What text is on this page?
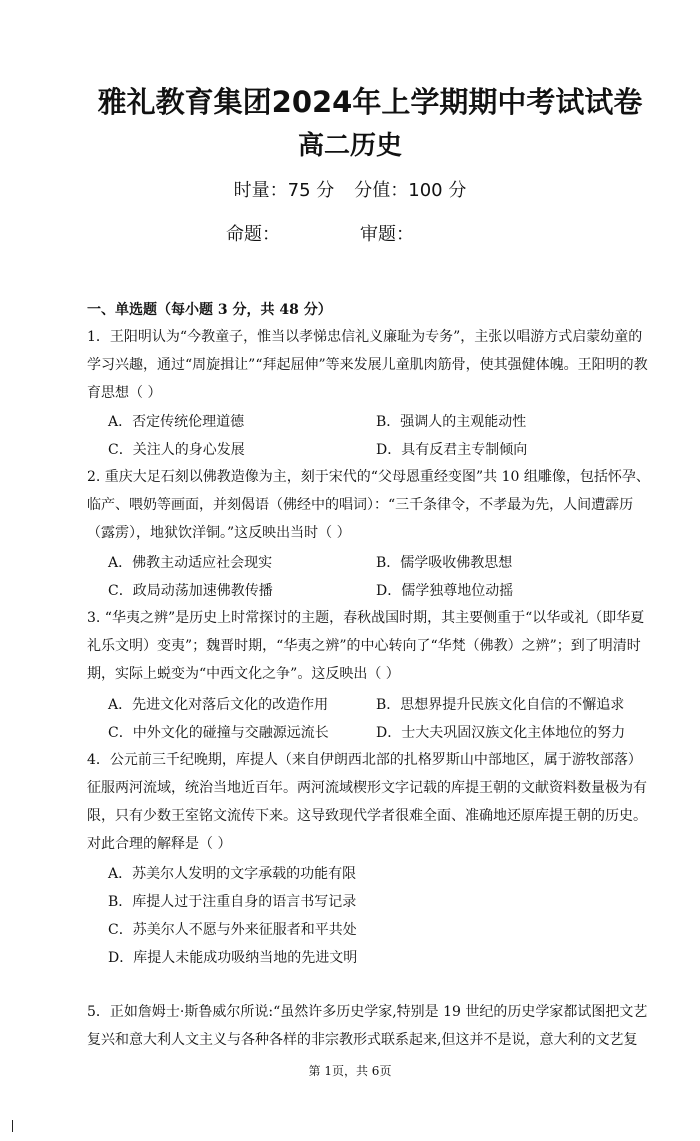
雅礼教育集团2024年上学期期中考试试卷
高二历史
时量：75 分 分值：100 分
命题：	审题：
一、单选题（每小题 3 分，共 48 分）
1．王阳明认为“今教童子，惟当以孝悌忠信礼义廉耻为专务”，主张以唱游方式启蒙幼童的
学习兴趣，通过“周旋揖让”“拜起屈伸”等来发展儿童肌肉筋骨，使其强健体魄。王阳明的教
育思想（ ）
A．否定传统伦理道德	B．强调人的主观能动性
C．关注人的身心发展	D．具有反君主专制倾向
2. 重庆大足石刻以佛教造像为主，刻于宋代的“父母恩重经变图”共 10 组雕像，包括怀孕、
临产、喂奶等画面，并刻偈语（佛经中的唱词）：“三千条律令，不孝最为先，人间遭霹历
（露雳），地狱饮洋铜。”这反映出当时（ ）
A．佛教主动适应社会现实	B．儒学吸收佛教思想
C．政局动荡加速佛教传播	D．儒学独尊地位动摇
3. “华夷之辨”是历史上时常探讨的主题，春秋战国时期，其主要侧重于“以华或礼（即华夏
礼乐文明）变夷”；魏晋时期，“华夷之辨”的中心转向了“华梵（佛教）之辨”；到了明清时
期，实际上蜕变为“中西文化之争”。这反映出（ ）
A．先进文化对落后文化的改造作用	B．思想界提升民族文化自信的不懈追求
C．中外文化的碰撞与交融源远流长	D．士大夫巩固汉族文化主体地位的努力
4．公元前三千纪晚期，库提人（来自伊朗西北部的扎格罗斯山中部地区，属于游牧部落）
征服两河流域，统治当地近百年。两河流域楔形文字记载的库提王朝的文献资料数量极为有
限，只有少数王室铭文流传下来。这导致现代学者很难全面、准确地还原库提王朝的历史。
对此合理的解释是（ ）
A．苏美尔人发明的文字承载的功能有限
B．库提人过于注重自身的语言书写记录
C．苏美尔人不愿与外来征服者和平共处
D．库提人未能成功吸纳当地的先进文明
5．正如詹姆士·斯鲁威尔所说:“虽然许多历史学家,特别是 19 世纪的历史学家都试图把文艺
复兴和意大利人文主义与各种各样的非宗教形式联系起来,但这并不是说，意大利的文艺复
第 1页，共 6页
